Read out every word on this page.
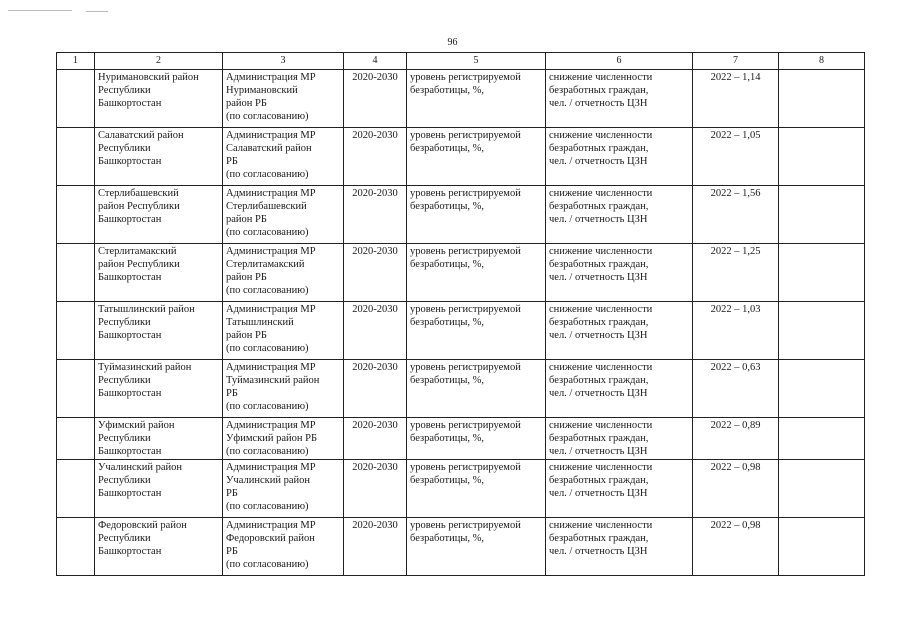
96
1	2	3	4	5	6	7	8

	Нуримановский район
Республики
Башкортостан	Администрация МР
Нуримановский
район РБ
(по согласованию)	2020-2030	уровень регистрируемой
безработицы, %,	снижение численности
безработных граждан,
чел. / отчетность ЦЗН	2022 – 1,14	

	Салаватский район
Республики
Башкортостан	Администрация МР
Салаватский район
РБ
(по согласованию)	2020-2030	уровень регистрируемой
безработицы, %,	снижение численности
безработных граждан,
чел. / отчетность ЦЗН	2022 – 1,05	

	Стерлибашевский
район Республики
Башкортостан	Администрация МР
Стерлибашевский
район РБ
(по согласованию)	2020-2030	уровень регистрируемой
безработицы, %,	снижение численности
безработных граждан,
чел. / отчетность ЦЗН	2022 – 1,56	

	Стерлитамакский
район Республики
Башкортостан	Администрация МР
Стерлитамакский
район РБ
(по согласованию)	2020-2030	уровень регистрируемой
безработицы, %,	снижение численности
безработных граждан,
чел. / отчетность ЦЗН	2022 – 1,25	

	Татышлинский район
Республики
Башкортостан	Администрация МР
Татышлинский
район РБ
(по согласованию)	2020-2030	уровень регистрируемой
безработицы, %,	снижение численности
безработных граждан,
чел. / отчетность ЦЗН	2022 – 1,03	

	Туймазинский район
Республики
Башкортостан	Администрация МР
Туймазинский район
РБ
(по согласованию)	2020-2030	уровень регистрируемой
безработицы, %,	снижение численности
безработных граждан,
чел. / отчетность ЦЗН	2022 – 0,63	

	Уфимский район
Республики
Башкортостан	Администрация МР
Уфимский район РБ
(по согласованию)	2020-2030	уровень регистрируемой
безработицы, %,	снижение численности
безработных граждан,
чел. / отчетность ЦЗН	2022 – 0,89	

	Учалинский район
Республики
Башкортостан	Администрация МР
Учалинский район
РБ
(по согласованию)	2020-2030	уровень регистрируемой
безработицы, %,	снижение численности
безработных граждан,
чел. / отчетность ЦЗН	2022 – 0,98	

	Федоровский район
Республики
Башкортостан	Администрация МР
Федоровский район
РБ
(по согласованию)	2020-2030	уровень регистрируемой
безработицы, %,	снижение численности
безработных граждан,
чел. / отчетность ЦЗН	2022 – 0,98	
